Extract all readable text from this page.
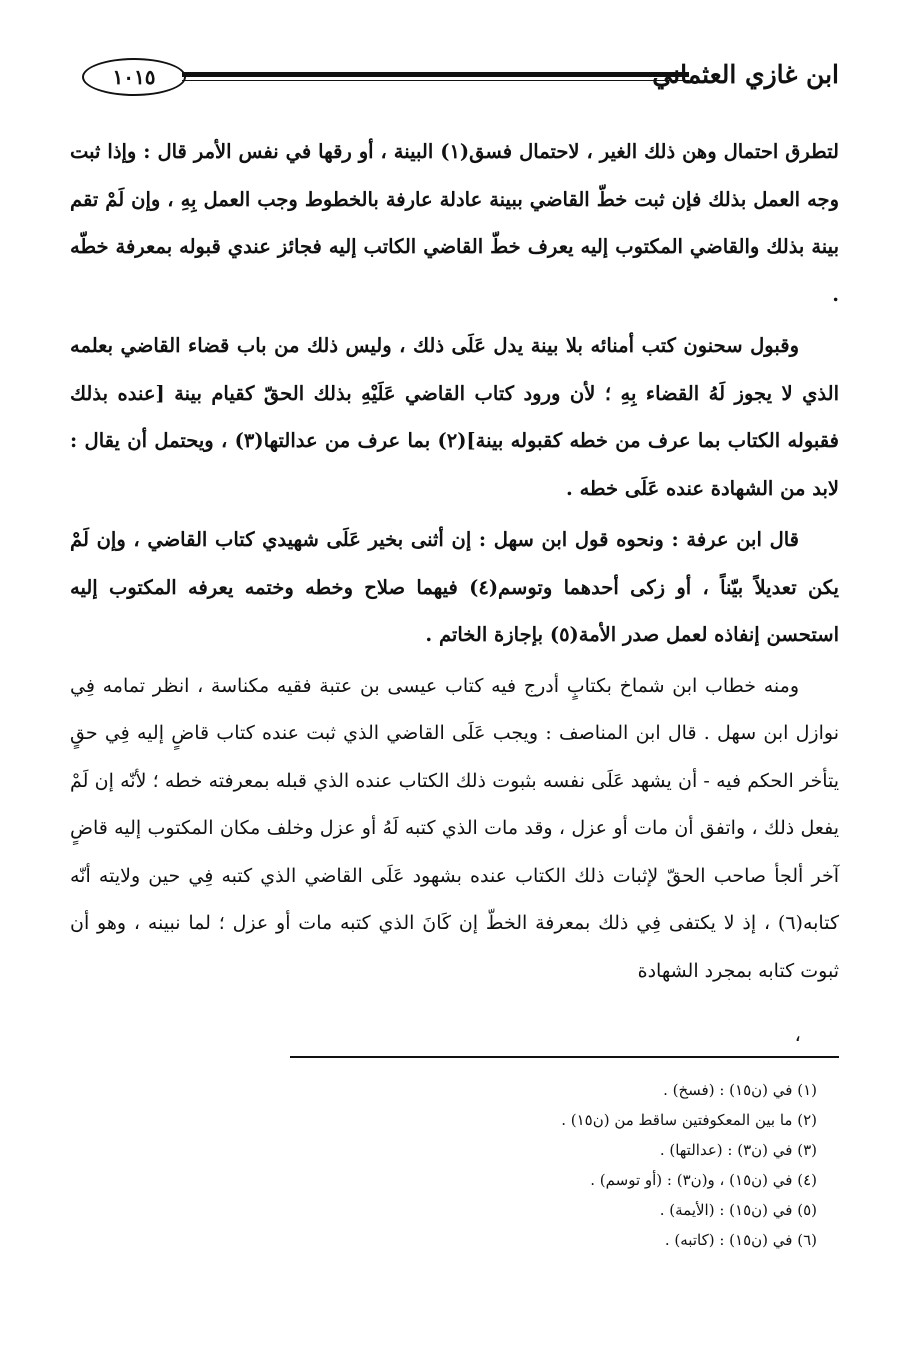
ابن غازي العثماني
١٠١٥

لتطرق احتمال وهن ذلك الغير ، لاحتمال فسق(١) البينة ، أو رقها في نفس الأمر قال : وإذا ثبت وجه العمل بذلك فإن ثبت خطّ القاضي ببينة عادلة عارفة بالخطوط وجب العمل بِهِ ، وإن لَمْ تقم بينة بذلك والقاضي المكتوب إليه يعرف خطّ القاضي الكاتب إليه فجائز عندي قبوله بمعرفة خطّه .

وقبول سحنون كتب أمنائه بلا بينة يدل عَلَى ذلك ، وليس ذلك من باب قضاء القاضي بعلمه الذي لا يجوز لَهُ القضاء بِهِ ؛ لأن ورود كتاب القاضي عَلَيْهِ بذلك الحقّ كقيام بينة [عنده بذلك فقبوله الكتاب بما عرف من خطه كقبوله بينة](٢) بما عرف من عدالتها(٣) ، ويحتمل أن يقال : لابد من الشهادة عنده عَلَى خطه .

قال ابن عرفة : ونحوه قول ابن سهل : إن أثنى بخير عَلَى شهيدي كتاب القاضي ، وإن لَمْ يكن تعديلاً بيّناً ، أو زكى أحدهما وتوسم(٤) فيهما صلاح وخطه وختمه يعرفه المكتوب إليه استحسن إنفاذه لعمل صدر الأمة(٥) بإجازة الخاتم .

ومنه خطاب ابن شماخ بكتابٍ أدرج فيه كتاب عيسى بن عتبة فقيه مكناسة ، انظر تمامه فِي نوازل ابن سهل . قال ابن المناصف : ويجب عَلَى القاضي الذي ثبت عنده كتاب قاضٍ إليه فِي حقٍ يتأخر الحكم فيه - أن يشهد عَلَى نفسه بثبوت ذلك الكتاب عنده الذي قبله بمعرفته خطه ؛ لأنّه إن لَمْ يفعل ذلك ، واتفق أن مات أو عزل ، وقد مات الذي كتبه لَهُ أو عزل وخلف مكان المكتوب إليه قاضٍ آخر ألجأ صاحب الحقّ لإثبات ذلك الكتاب عنده بشهود عَلَى القاضي الذي كتبه فِي حين ولايته أنّه كتابه(٦) ، إذ لا يكتفى فِي ذلك بمعرفة الخطّ إن كَانَ الذي كتبه مات أو عزل ؛ لما نبينه ، وهو أن ثبوت كتابه بمجرد الشهادة

،
(١) في (ن١٥) : (فسخ) .
(٢) ما بين المعكوفتين ساقط من (ن١٥) .
(٣) في (ن٣) : (عدالتها) .
(٤) في (ن١٥) ، و(ن٣) : (أو توسم) .
(٥) في (ن١٥) : (الأيمة) .
(٦) في (ن١٥) : (كاتبه) .
